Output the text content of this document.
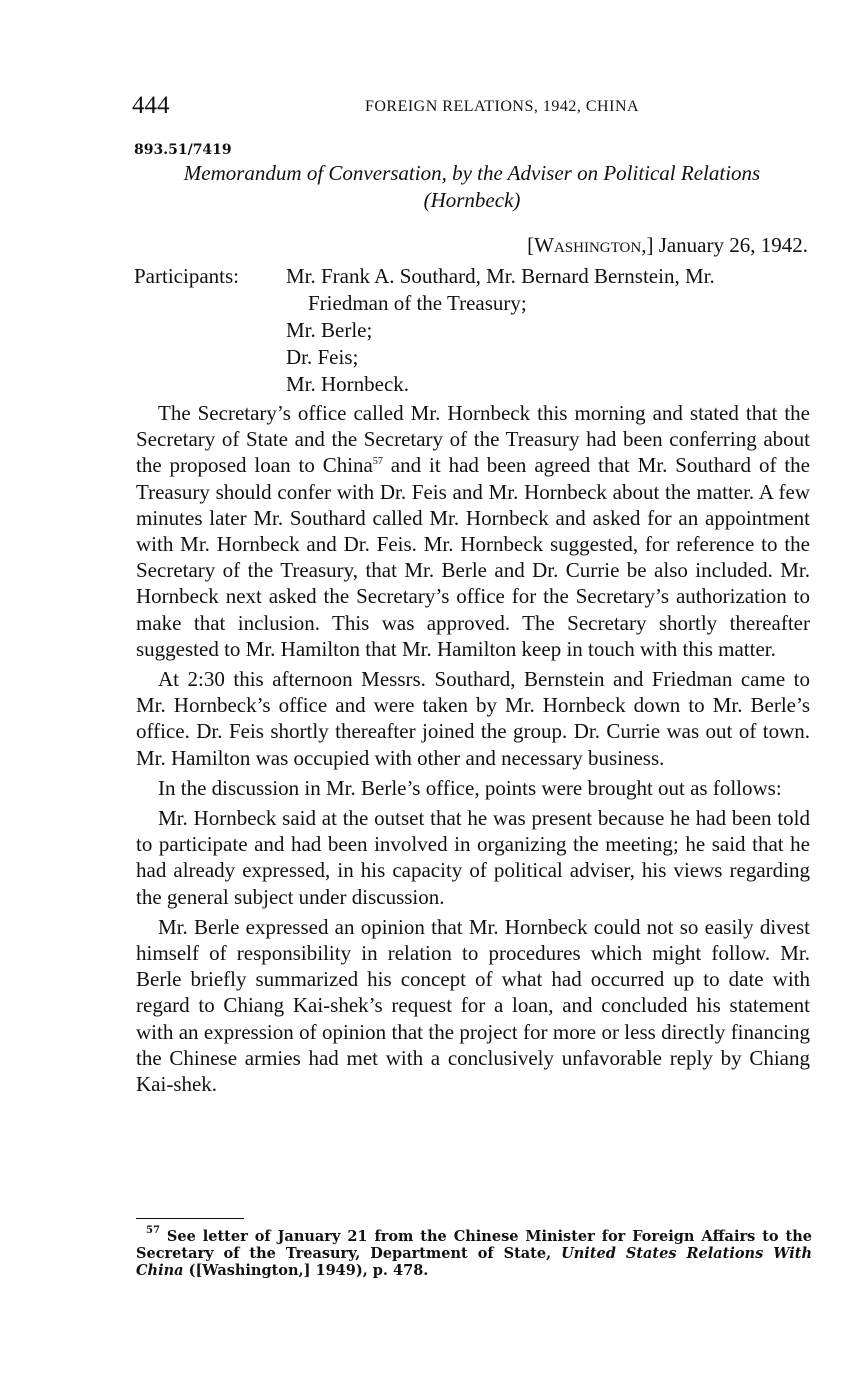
444	FOREIGN RELATIONS, 1942, CHINA
893.51/7419
Memorandum of Conversation, by the Adviser on Political Relations
(Hornbeck)
[Washington,] January 26, 1942.
Participants: Mr. Frank A. Southard, Mr. Bernard Bernstein, Mr.
Friedman of the Treasury;
Mr. Berle;
Dr. Feis;
Mr. Hornbeck.

The Secretary’s office called Mr. Hornbeck this morning and stated that the Secretary of State and the Secretary of the Treasury had been conferring about the proposed loan to China$^{57}$ and it had been agreed that Mr. Southard of the Treasury should confer with Dr. Feis and Mr. Hornbeck about the matter. A few minutes later Mr. Southard called Mr. Hornbeck and asked for an appointment with Mr. Hornbeck and Dr. Feis. Mr. Hornbeck suggested, for reference to the Secretary of the Treasury, that Mr. Berle and Dr. Currie be also included. Mr. Hornbeck next asked the Secretary’s office for the Secretary’s authorization to make that inclusion. This was approved. The Secretary shortly thereafter suggested to Mr. Hamilton that Mr. Hamilton keep in touch with this matter.

At 2:30 this afternoon Messrs. Southard, Bernstein and Friedman came to Mr. Hornbeck’s office and were taken by Mr. Hornbeck down to Mr. Berle’s office. Dr. Feis shortly thereafter joined the group. Dr. Currie was out of town. Mr. Hamilton was occupied with other and necessary business.

In the discussion in Mr. Berle’s office, points were brought out as follows:

Mr. Hornbeck said at the outset that he was present because he had been told to participate and had been involved in organizing the meeting; he said that he had already expressed, in his capacity of political adviser, his views regarding the general subject under discussion.

Mr. Berle expressed an opinion that Mr. Hornbeck could not so easily divest himself of responsibility in relation to procedures which might follow. Mr. Berle briefly summarized his concept of what had occurred up to date with regard to Chiang Kai-shek’s request for a loan, and concluded his statement with an expression of opinion that the project for more or less directly financing the Chinese armies had met with a conclusively unfavorable reply by Chiang Kai-shek.

$^{57}$ See letter of January 21 from the Chinese Minister for Foreign Affairs to the Secretary of the Treasury, Department of State, United States Relations With China ([Washington,] 1949), p. 478.
